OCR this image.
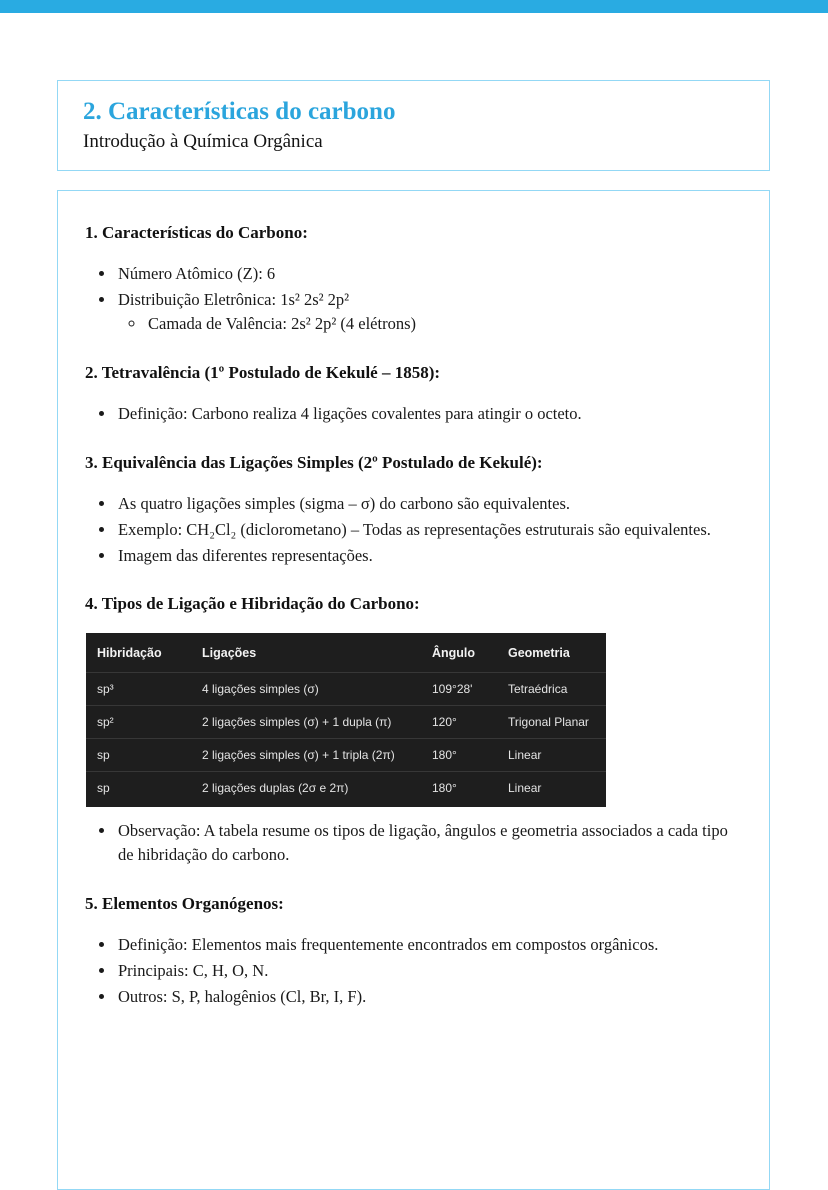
2. Características do carbono
Introdução à Química Orgânica
1. Características do Carbono:
• Número Atômico (Z): 6
• Distribuição Eletrônica: 1s² 2s² 2p²
◦ Camada de Valência: 2s² 2p² (4 elétrons)
2. Tetravalência (1º Postulado de Kekulé – 1858):
• Definição: Carbono realiza 4 ligações covalentes para atingir o octeto.
3. Equivalência das Ligações Simples (2º Postulado de Kekulé):
• As quatro ligações simples (sigma – σ) do carbono são equivalentes.
• Exemplo: CH₂Cl₂ (diclorometano) – Todas as representações estruturais são equivalentes.
• Imagem das diferentes representações.
4. Tipos de Ligação e Hibridação do Carbono:
Hibridação	Ligações	Ângulo	Geometria
sp³	4 ligações simples (σ)	109°28'	Tetraédrica
sp²	2 ligações simples (σ) + 1 dupla (π)	120°	Trigonal Planar
sp	2 ligações simples (σ) + 1 tripla (2π)	180°	Linear
sp	2 ligações duplas (2σ e 2π)	180°	Linear
• Observação: A tabela resume os tipos de ligação, ângulos e geometria associados a cada tipo de hibridação do carbono.
5. Elementos Organógenos:
• Definição: Elementos mais frequentemente encontrados em compostos orgânicos.
• Principais: C, H, O, N.
• Outros: S, P, halogênios (Cl, Br, I, F).
